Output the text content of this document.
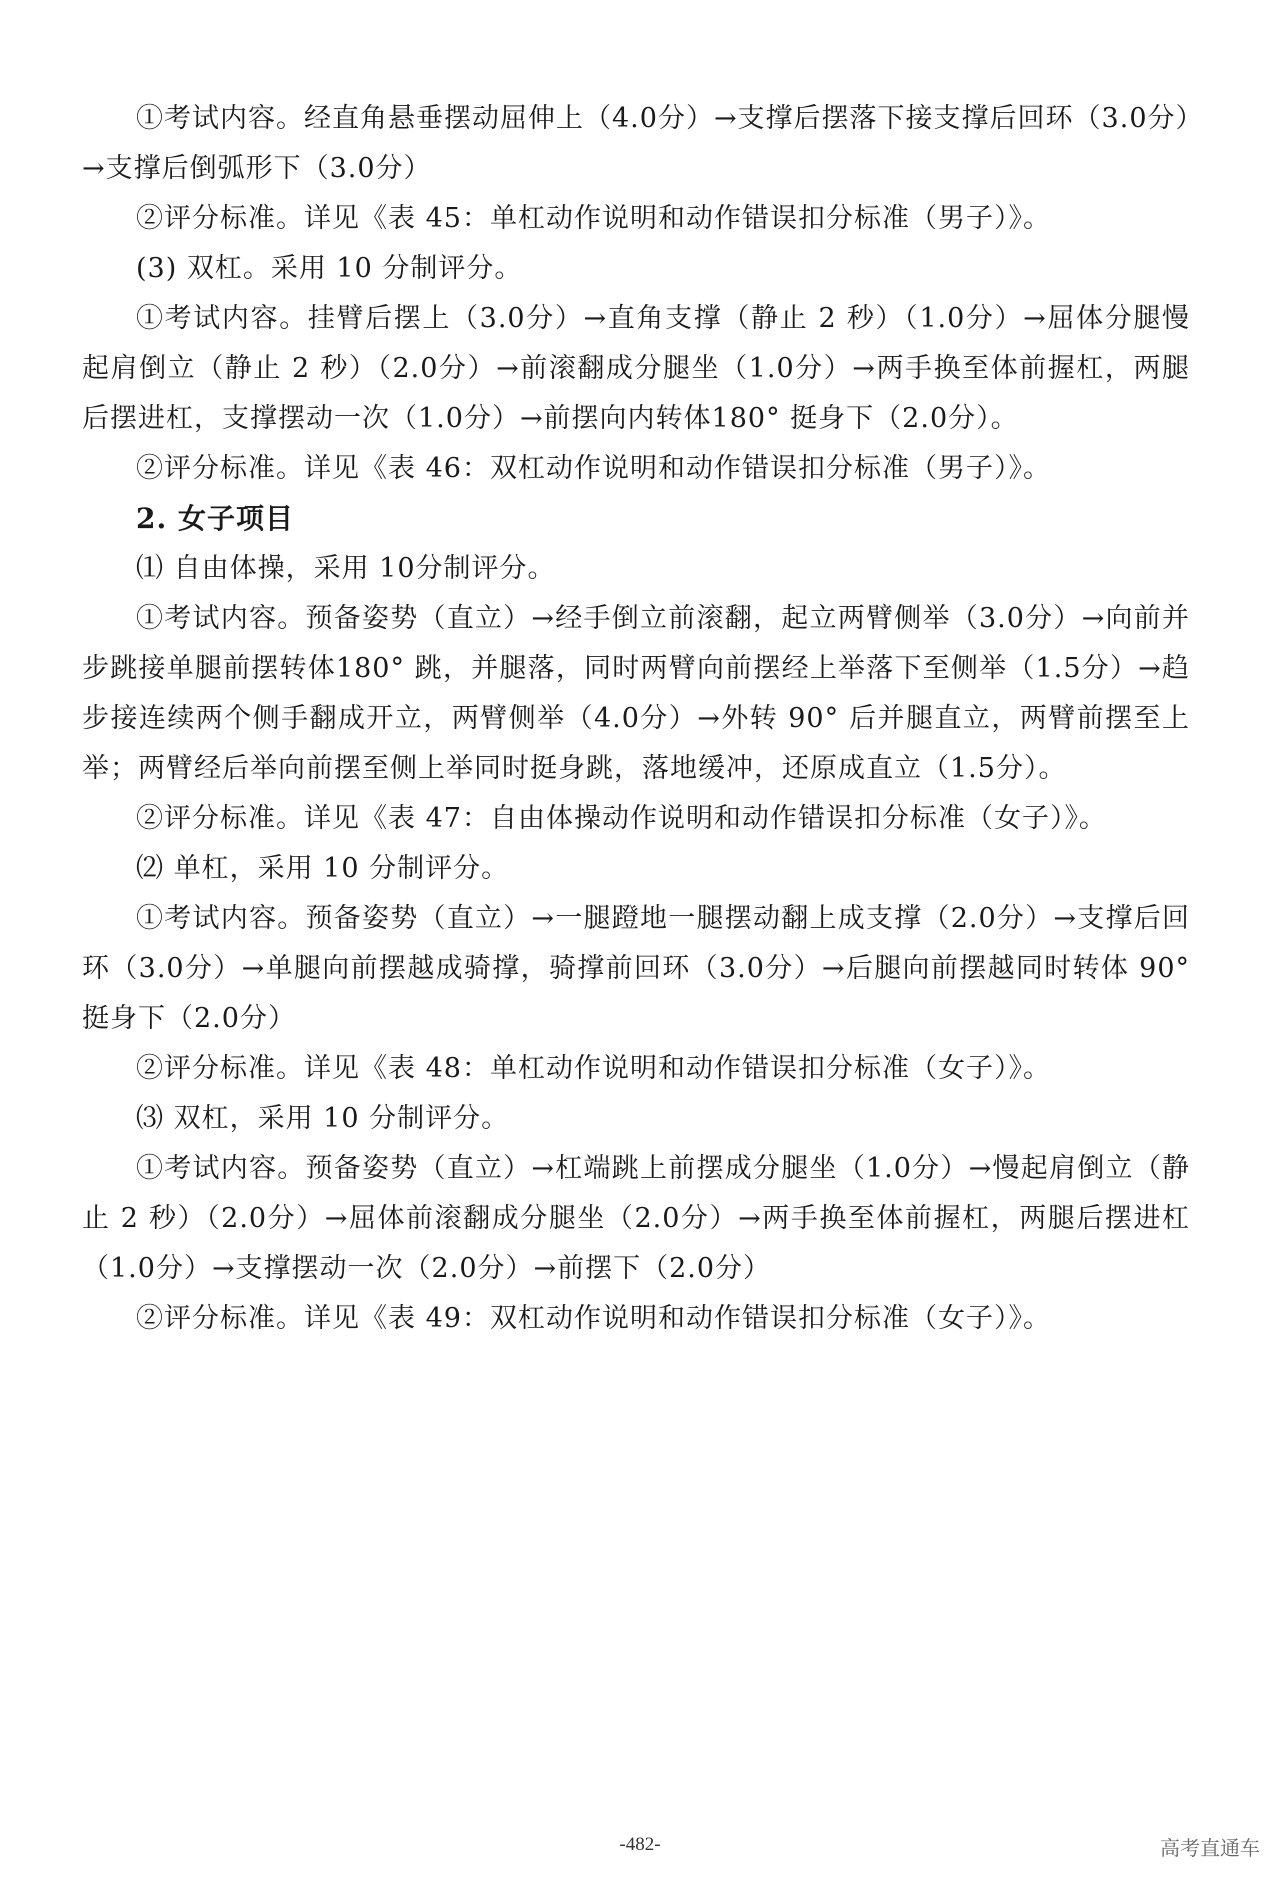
①考试内容。经直角悬垂摆动屈伸上（4.0分）→支撑后摆落下接支撑后回环（3.0分）→支撑后倒弧形下（3.0分）

②评分标准。详见《表 45：单杠动作说明和动作错误扣分标准（男子）》。

(3) 双杠。采用 10 分制评分。

①考试内容。挂臂后摆上（3.0分）→直角支撑（静止 2 秒）（1.0分）→屈体分腿慢起肩倒立（静止 2 秒）（2.0分）→前滚翻成分腿坐（1.0分）→两手换至体前握杠，两腿后摆进杠，支撑摆动一次（1.0分）→前摆向内转体180° 挺身下（2.0分）。

②评分标准。详见《表 46：双杠动作说明和动作错误扣分标准（男子）》。

2. 女子项目

⑴ 自由体操，采用 10分制评分。

①考试内容。预备姿势（直立）→经手倒立前滚翻，起立两臂侧举（3.0分）→向前并步跳接单腿前摆转体180° 跳，并腿落，同时两臂向前摆经上举落下至侧举（1.5分）→趋步接连续两个侧手翻成开立，两臂侧举（4.0分）→外转 90° 后并腿直立，两臂前摆至上举；两臂经后举向前摆至侧上举同时挺身跳，落地缓冲，还原成直立（1.5分）。

②评分标准。详见《表 47：自由体操动作说明和动作错误扣分标准（女子）》。

⑵ 单杠，采用 10 分制评分。

①考试内容。预备姿势（直立）→一腿蹬地一腿摆动翻上成支撑（2.0分）→支撑后回环（3.0分）→单腿向前摆越成骑撑，骑撑前回环（3.0分）→后腿向前摆越同时转体 90° 挺身下（2.0分）

②评分标准。详见《表 48：单杠动作说明和动作错误扣分标准（女子）》。

⑶ 双杠，采用 10 分制评分。

①考试内容。预备姿势（直立）→杠端跳上前摆成分腿坐（1.0分）→慢起肩倒立（静止 2 秒）（2.0分）→屈体前滚翻成分腿坐（2.0分）→两手换至体前握杠，两腿后摆进杠（1.0分）→支撑摆动一次（2.0分）→前摆下（2.0分）

②评分标准。详见《表 49：双杠动作说明和动作错误扣分标准（女子）》。

-482-	高考直通车
